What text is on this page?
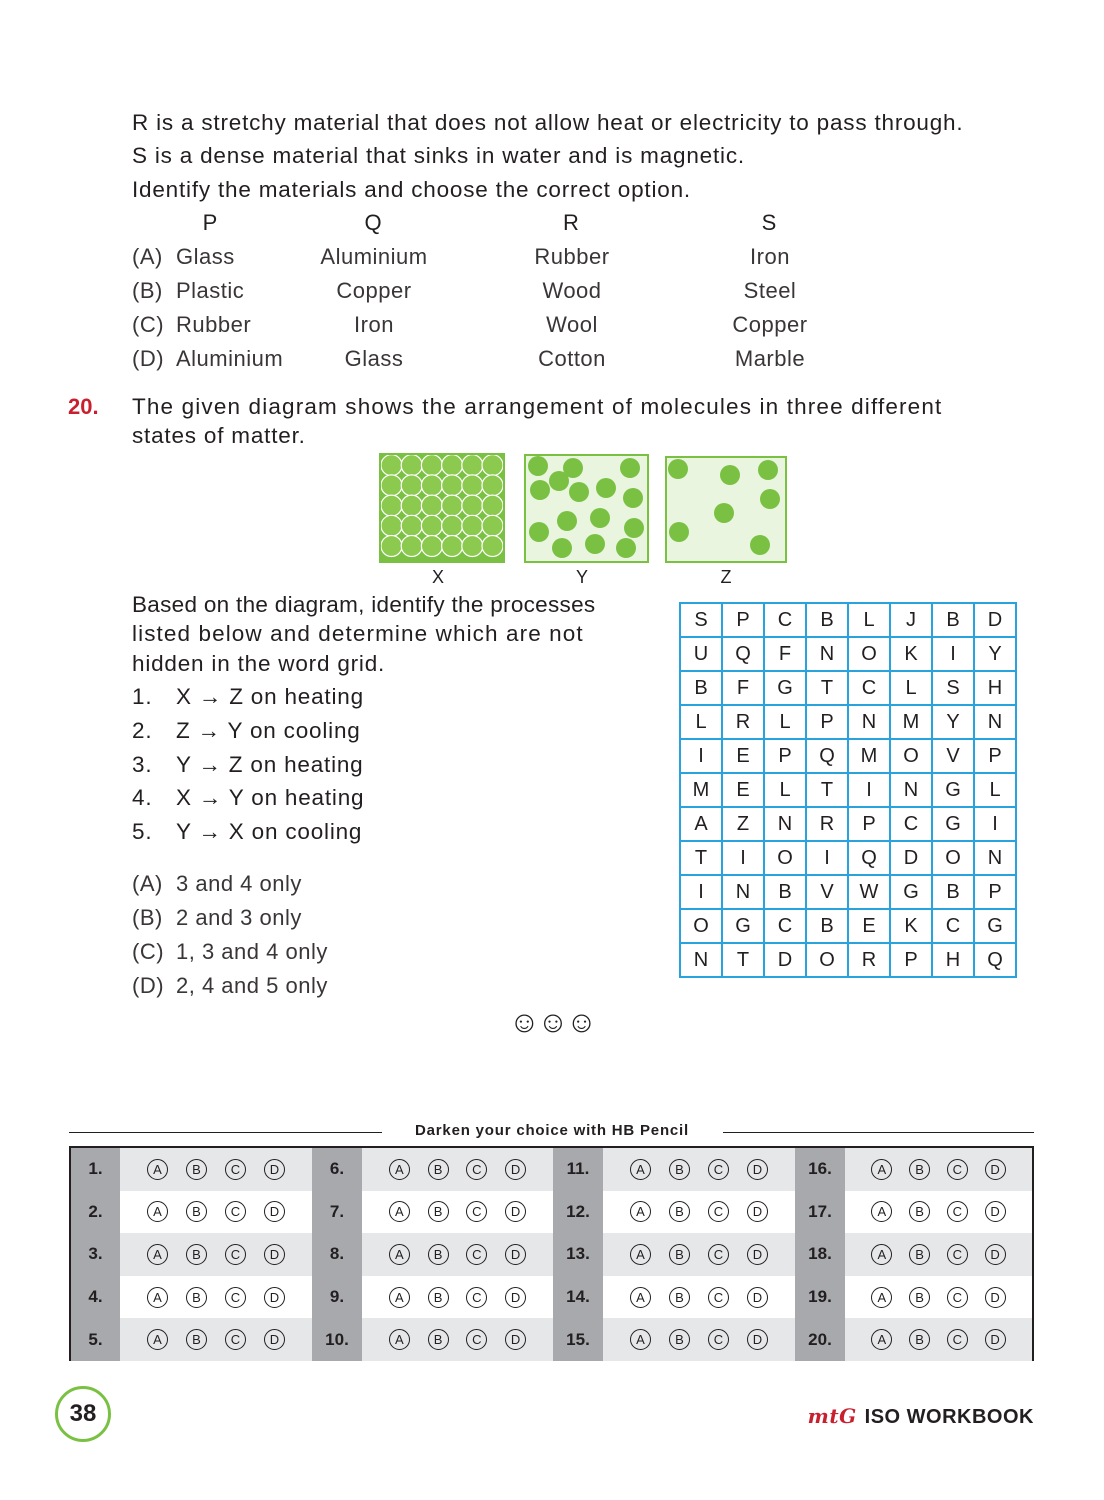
R is a stretchy material that does not allow heat or electricity to pass through.
S is a dense material that sinks in water and is magnetic.
Identify the materials and choose the correct option.
P	Q	R	S
(A) Glass	Aluminium	Rubber	Iron
(B) Plastic	Copper	Wood	Steel
(C) Rubber	Iron	Wool	Copper
(D) Aluminium	Glass	Cotton	Marble
20. The given diagram shows the arrangement of molecules in three different
states of matter.
X	Y	Z
Based on the diagram, identify the processes
listed below and determine which are not
hidden in the word grid.
1. X → Z on heating
2. Z → Y on cooling
3. Y → Z on heating
4. X → Y on heating
5. Y → X on cooling
(A) 3 and 4 only
(B) 2 and 3 only
(C) 1, 3 and 4 only
(D) 2, 4 and 5 only
S	P	C	B	L	J	B	D
U	Q	F	N	O	K	I	Y
B	F	G	T	C	L	S	H
L	R	L	P	N	M	Y	N
I	E	P	Q	M	O	V	P
M	E	L	T	I	N	G	L
A	Z	N	R	P	C	G	I
T	I	O	I	Q	D	O	N
I	N	B	V	W	G	B	P
O	G	C	B	E	K	C	G
N	T	D	O	R	P	H	Q
☺☺☺
Darken your choice with HB Pencil
1.	A	B	C	D	6.	A	B	C	D	11.	A	B	C	D	16.	A	B	C	D
2.	A	B	C	D	7.	A	B	C	D	12.	A	B	C	D	17.	A	B	C	D
3.	A	B	C	D	8.	A	B	C	D	13.	A	B	C	D	18.	A	B	C	D
4.	A	B	C	D	9.	A	B	C	D	14.	A	B	C	D	19.	A	B	C	D
5.	A	B	C	D	10.	A	B	C	D	15.	A	B	C	D	20.	A	B	C	D
38	mtG ISO WORKBOOK
